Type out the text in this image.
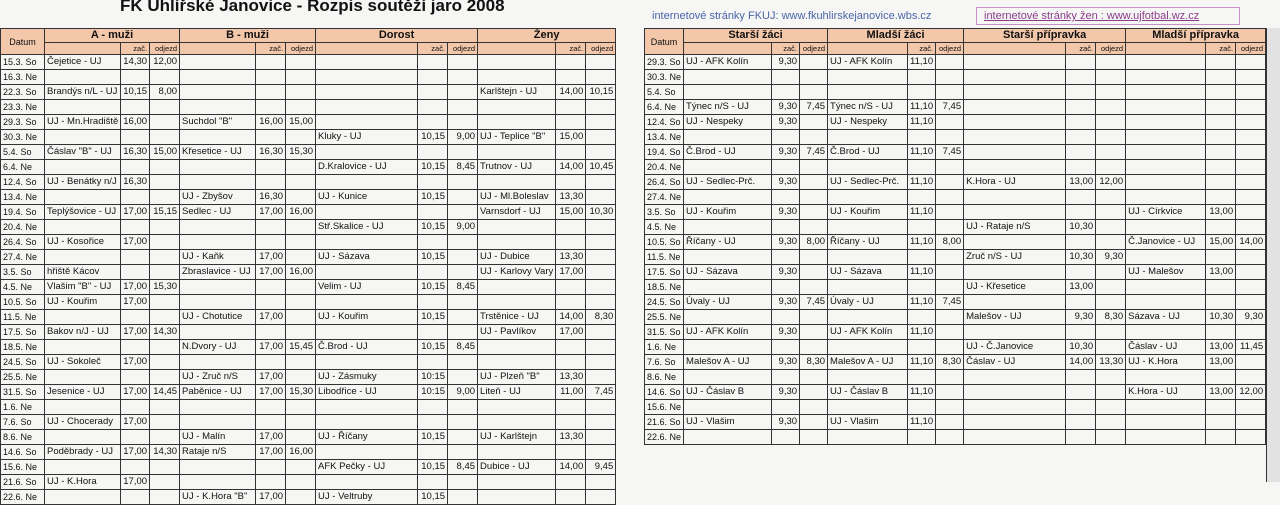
FK Uhlířské Janovice - Rozpis soutěží jaro 2008
internetové stránky FKUJ: www.fkuhlirskejanovice.wbs.cz	internetové stránky žen : www.ujfotbal.wz.cz
Datum	A - muži			B - muži			Dorost			Ženy		
		zač.	odjezd		zač.	odjezd		zač.	odjezd		zač.	odjezd
15.3. So	Čejetice - UJ	14,30	12,00									
16.3. Ne												
22.3. So	Brandýs n/L - UJ	10,15	8,00							Karlštejn - UJ	14,00	10,15
23.3. Ne												
29.3. So	UJ - Mn.Hradiště	16,00		Suchdol "B"	16,00	15,00						
30.3. Ne							Kluky - UJ	10,15	9,00	UJ - Teplice "B"	15,00	
5.4. So	Čáslav "B" - UJ	16,30	15,00	Křesetice - UJ	16,30	15,30						
6.4. Ne							D.Kralovice - UJ	10,15	8,45	Trutnov - UJ	14,00	10,45
12.4. So	UJ - Benátky n/J	16,30										
13.4. Ne				UJ - Zbyšov	16,30		UJ - Kunice	10,15		UJ - Ml.Boleslav	13,30	
19.4. So	Teplýšovice - UJ	17,00	15,15	Sedlec - UJ	17,00	16,00				Varnsdorf - UJ	15,00	10,30
20.4. Ne							Stř.Skalice - UJ	10,15	9,00			
26.4. So	UJ - Kosořice	17,00										
27.4. Ne				UJ - Kaňk	17,00		UJ - Sázava	10,15		UJ - Dubice	13,30	
3.5. So	hřiště Kácov			Zbraslavice - UJ	17,00	16,00				UJ - Karlovy Vary	17,00	
4.5. Ne	Vlašim "B" - UJ	17,00	15,30				Velim - UJ	10,15	8,45			
10.5. So	UJ - Kouřim	17,00										
11.5. Ne				UJ - Chotutice	17,00		UJ - Kouřim	10,15		Trstěnice - UJ	14,00	8,30
17.5. So	Bakov n/J - UJ	17,00	14,30							UJ - Pavlíkov	17,00	
18.5. Ne				N.Dvory - UJ	17,00	15,45	Č.Brod - UJ	10,15	8,45			
24.5. So	UJ - Sokoleč	17,00										
25.5. Ne				UJ - Zruč n/S	17,00		UJ - Zásmuky	10:15		UJ - Plzeň "B"	13,30	
31.5. So	Jesenice - UJ	17,00	14,45	Paběnice - UJ	17,00	15,30	Libodřice - UJ	10:15	9,00	Liteň - UJ	11,00	7,45
1.6. Ne												
7.6. So	UJ - Chocerady	17,00										
8.6. Ne				UJ - Malín	17,00		UJ - Říčany	10,15		UJ - Karlštejn	13,30	
14.6. So	Poděbrady - UJ	17,00	14,30	Rataje n/S	17,00	16,00						
15.6. Ne							AFK Pečky - UJ	10,15	8,45	Dubice - UJ	14,00	9,45
21.6. So	UJ - K.Hora	17,00										
22.6. Ne				UJ - K.Hora "B"	17,00		UJ - Veltruby	10,15				
Datum	Starší žáci			Mladší žáci			Starší přípravka			Mladší přípravka		
		zač.	odjezd		zač.	odjezd		zač.	odjezd		zač.	odjezd
29.3. So	UJ - AFK Kolín	9,30		UJ - AFK Kolín	11,10							
30.3. Ne												
5.4. So												
6.4. Ne	Týnec n/S - UJ	9,30	7,45	Týnec n/S - UJ	11,10	7,45						
12.4. So	UJ - Nespeky	9,30		UJ - Nespeky	11,10							
13.4. Ne												
19.4. So	Č.Brod - UJ	9,30	7,45	Č.Brod - UJ	11,10	7,45						
20.4. Ne												
26.4. So	UJ - Sedlec-Prč.	9,30		UJ - Sedlec-Prč.	11,10		K.Hora - UJ	13,00	12,00			
27.4. Ne												
3.5. So	UJ - Kouřim	9,30		UJ - Kouřim	11,10					UJ - Církvice	13,00	
4.5. Ne							UJ - Rataje n/S	10,30				
10.5. So	Říčany - UJ	9,30	8,00	Říčany - UJ	11,10	8,00				Č.Janovice - UJ	15,00	14,00
11.5. Ne							Zruč n/S - UJ	10,30	9,30			
17.5. So	UJ - Sázava	9,30		UJ - Sázava	11,10					UJ - Malešov	13,00	
18.5. Ne							UJ - Křesetice	13,00				
24.5. So	Úvaly - UJ	9,30	7,45	Úvaly - UJ	11,10	7,45						
25.5. Ne							Malešov - UJ	9,30	8,30	Sázava - UJ	10,30	9,30
31.5. So	UJ - AFK Kolín	9,30		UJ - AFK Kolín	11,10							
1.6. Ne							UJ - Č.Janovice	10,30		Čáslav - UJ	13,00	11,45
7.6. So	Malešov A - UJ	9,30	8,30	Malešov A - UJ	11,10	8,30	Čáslav - UJ	14,00	13,30	UJ - K.Hora	13,00	
8.6. Ne												
14.6. So	UJ - Čáslav B	9,30		UJ - Čáslav B	11,10					K.Hora - UJ	13,00	12,00
15.6. Ne												
21.6. So	UJ - Vlašim	9,30		UJ - Vlašim	11,10							
22.6. Ne												
